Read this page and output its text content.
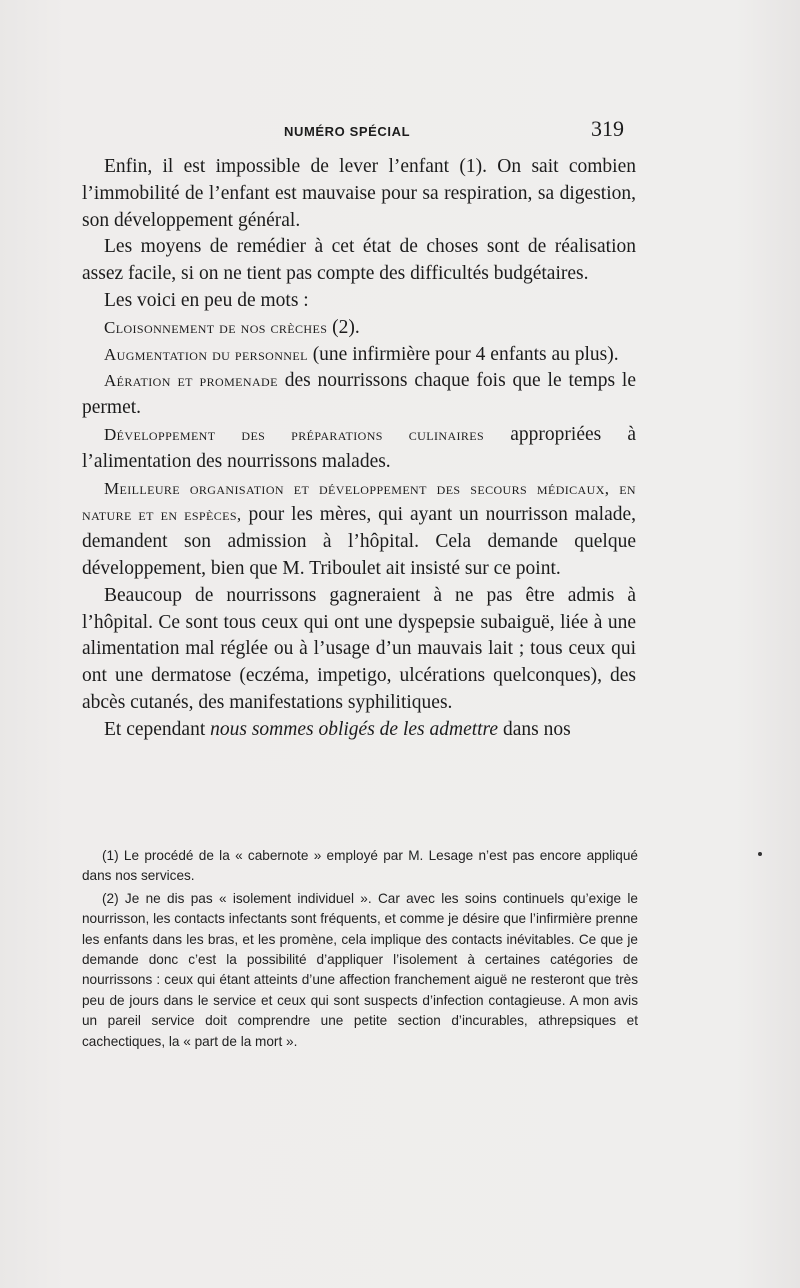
NUMÉRO SPÉCIAL	319

Enfin, il est impossible de lever l’enfant (1). On sait combien l’immobilité de l’enfant est mauvaise pour sa respiration, sa digestion, son développement général.

Les moyens de remédier à cet état de choses sont de réalisation assez facile, si on ne tient pas compte des difficultés budgétaires.

Les voici en peu de mots :

Cloisonnement de nos crèches (2).

Augmentation du personnel (une infirmière pour 4 enfants au plus).

Aération et promenade des nourrissons chaque fois que le temps le permet.

Développement des préparations culinaires appropriées à l’alimentation des nourrissons malades.

Meilleure organisation et développement des secours médicaux, en nature et en espèces, pour les mères, qui ayant un nourrisson malade, demandent son admission à l’hôpital. Cela demande quelque développement, bien que M. Triboulet ait insisté sur ce point.

Beaucoup de nourrissons gagneraient à ne pas être admis à l’hôpital. Ce sont tous ceux qui ont une dyspepsie subaiguë, liée à une alimentation mal réglée ou à l’usage d’un mauvais lait ; tous ceux qui ont une dermatose (eczéma, impetigo, ulcérations quelconques), des abcès cutanés, des manifestations syphilitiques.

Et cependant nous sommes obligés de les admettre dans nos

(1) Le procédé de la « cabernote » employé par M. Lesage n’est pas encore appliqué dans nos services.

(2) Je ne dis pas « isolement individuel ». Car avec les soins continuels qu’exige le nourrisson, les contacts infectants sont fréquents, et comme je désire que l’infirmière prenne les enfants dans les bras, et les promène, cela implique des contacts inévitables. Ce que je demande donc c’est la possibilité d’appliquer l’isolement à certaines catégories de nourrissons : ceux qui étant atteints d’une affection franchement aiguë ne resteront que très peu de jours dans le service et ceux qui sont suspects d’infection contagieuse. A mon avis un pareil service doit comprendre une petite section d’incurables, athrepsiques et cachectiques, la « part de la mort ».
